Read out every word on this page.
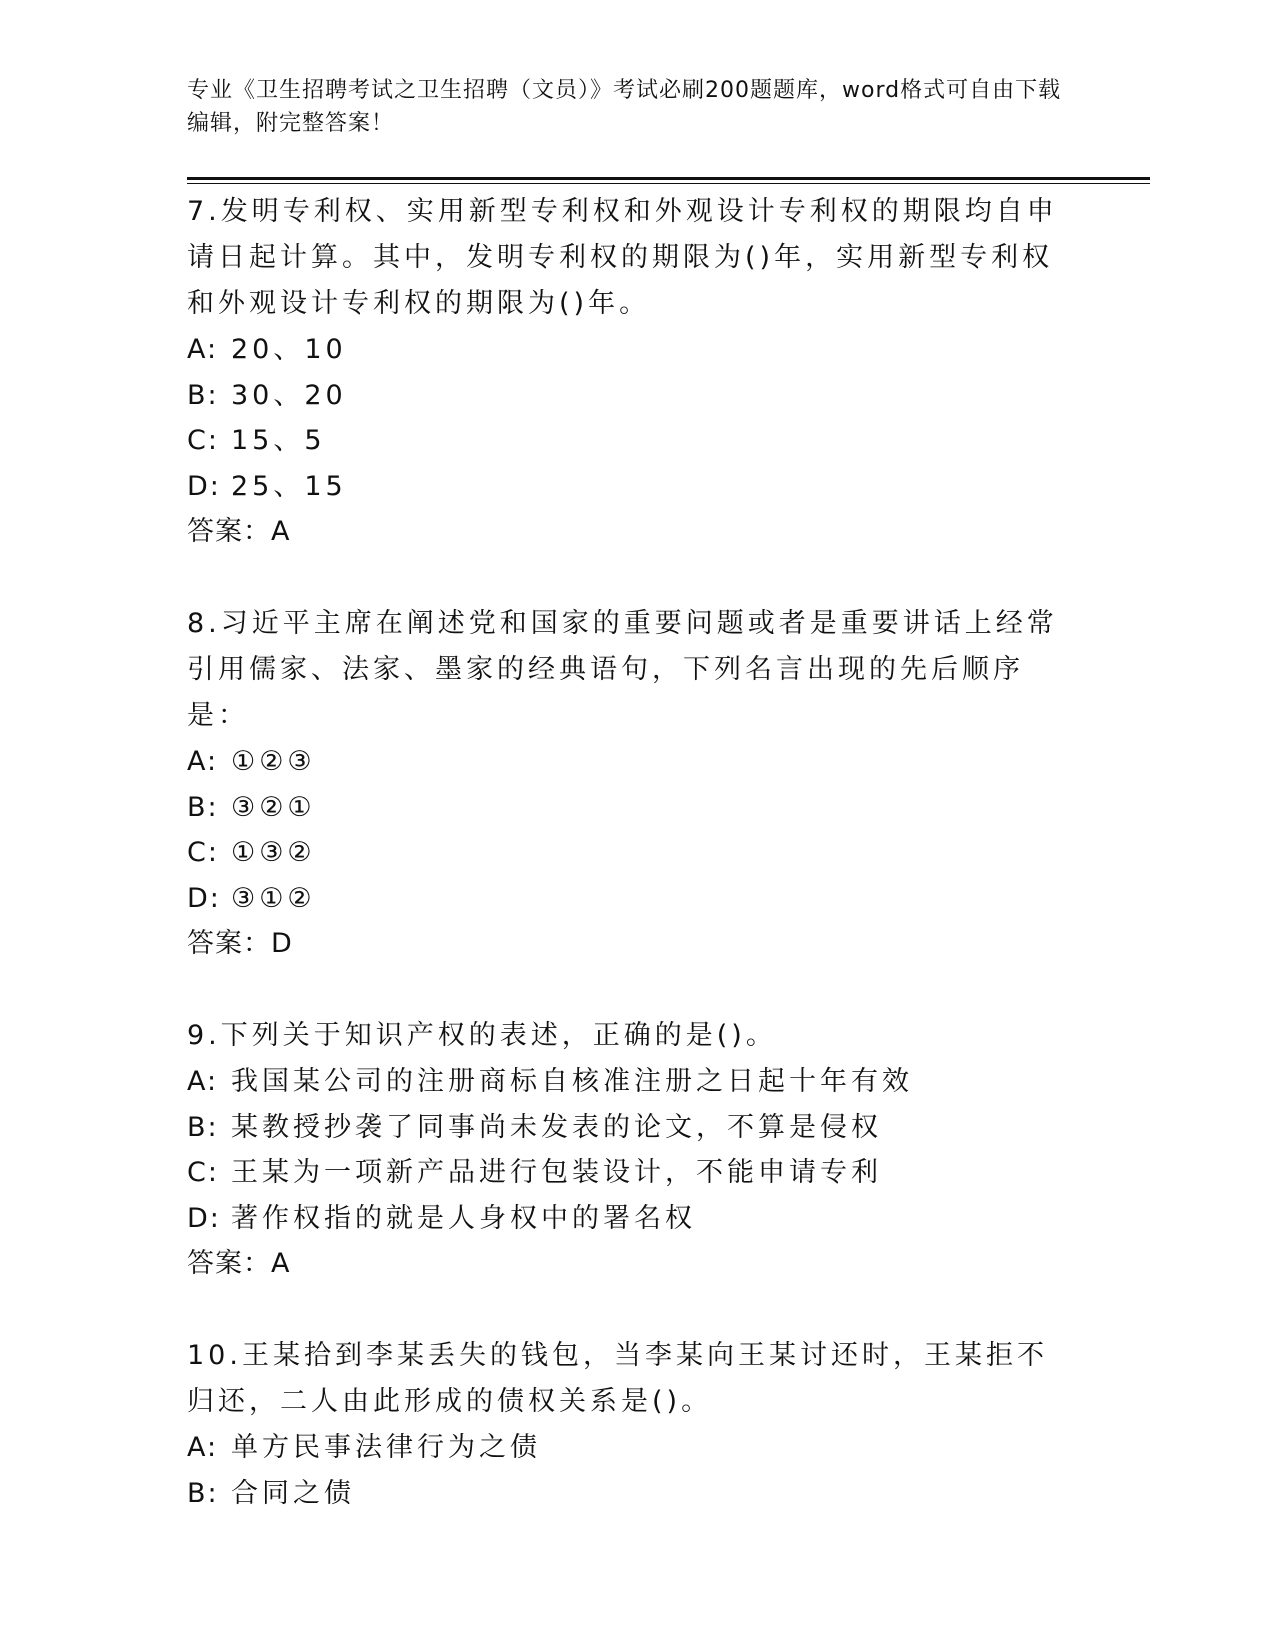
专业《卫生招聘考试之卫生招聘（文员）》考试必刷200题题库，word格式可自由下载编辑，附完整答案！
7.发明专利权、实用新型专利权和外观设计专利权的期限均自申请日起计算。其中，发明专利权的期限为()年，实用新型专利权和外观设计专利权的期限为()年。
A: 20、10
B: 30、20
C: 15、5
D: 25、15
答案：A
8.习近平主席在阐述党和国家的重要问题或者是重要讲话上经常引用儒家、法家、墨家的经典语句，下列名言出现的先后顺序是：
A: ①②③
B: ③②①
C: ①③②
D: ③①②
答案：D
9.下列关于知识产权的表述，正确的是()。
A: 我国某公司的注册商标自核准注册之日起十年有效
B: 某教授抄袭了同事尚未发表的论文，不算是侵权
C: 王某为一项新产品进行包装设计，不能申请专利
D: 著作权指的就是人身权中的署名权
答案：A
10.王某拾到李某丢失的钱包，当李某向王某讨还时，王某拒不归还，二人由此形成的债权关系是()。
A: 单方民事法律行为之债
B: 合同之债
